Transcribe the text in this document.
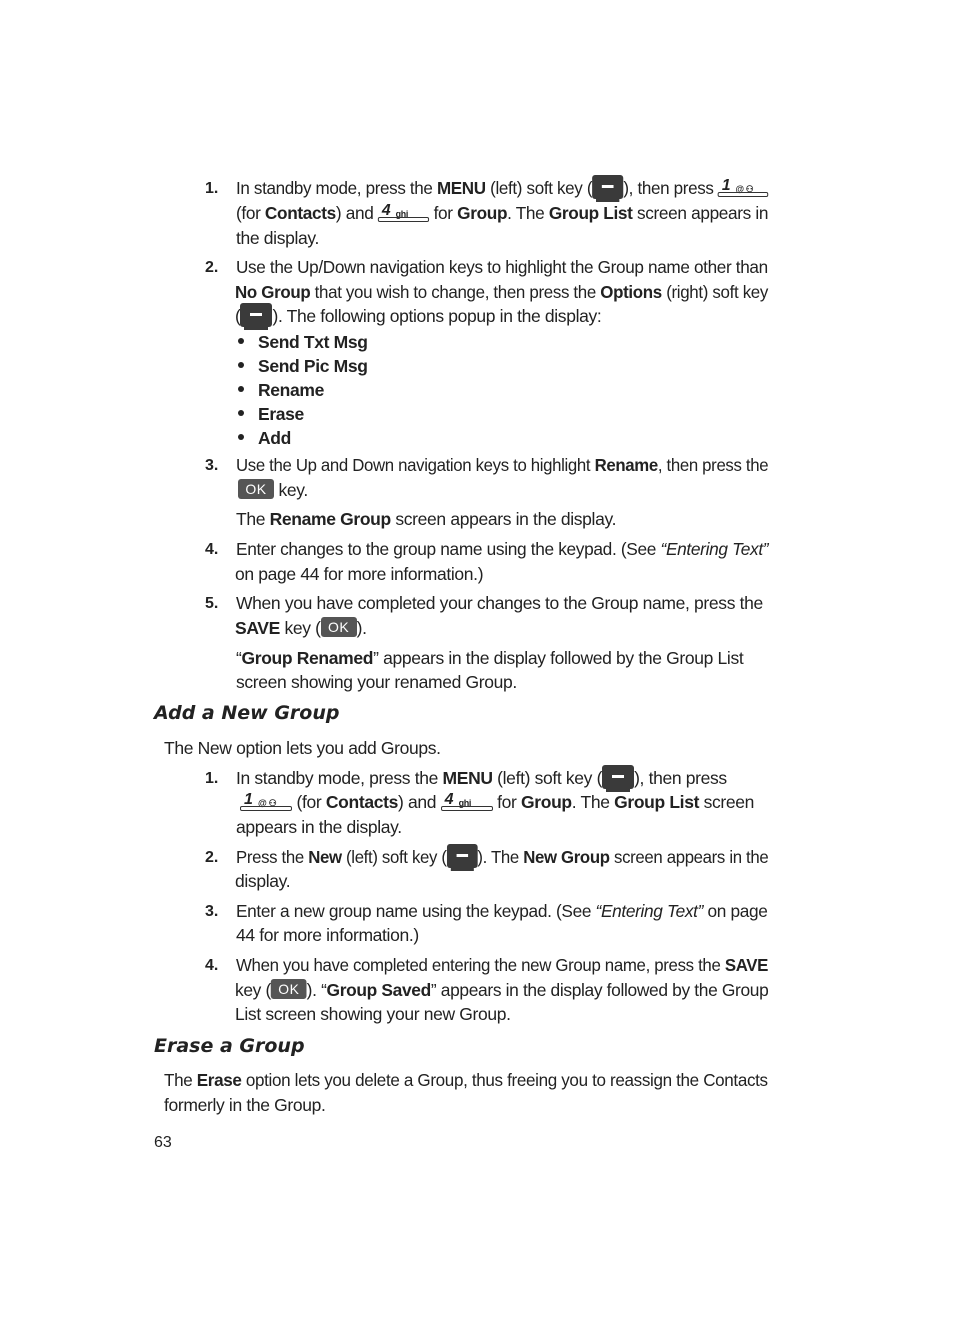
1. In standby mode, press the MENU (left) soft key ( ), then press 1 @ ⚇
(for Contacts) and 4 ghi for Group. The Group List screen appears in
the display.
2. Use the Up/Down navigation keys to highlight the Group name other than
No Group that you wish to change, then press the Options (right) soft key
( ). The following options popup in the display:
Send Txt Msg
Send Pic Msg
Rename
Erase
Add
3. Use the Up and Down navigation keys to highlight Rename, then press the
OK key.
The Rename Group screen appears in the display.
4. Enter changes to the group name using the keypad. (See “Entering Text”
on page 44 for more information.)
5. When you have completed your changes to the Group name, press the
SAVE key ( OK ).
“Group Renamed” appears in the display followed by the Group List
screen showing your renamed Group.
Add a New Group
The New option lets you add Groups.
1. In standby mode, press the MENU (left) soft key ( ), then press
1 @ ⚇ (for Contacts) and 4 ghi for Group. The Group List screen
appears in the display.
2. Press the New (left) soft key ( ). The New Group screen appears in the
display.
3. Enter a new group name using the keypad. (See “Entering Text” on page
44 for more information.)
4. When you have completed entering the new Group name, press the SAVE
key ( OK ). “Group Saved” appears in the display followed by the Group
List screen showing your new Group.
Erase a Group
The Erase option lets you delete a Group, thus freeing you to reassign the Contacts
formerly in the Group.
63
